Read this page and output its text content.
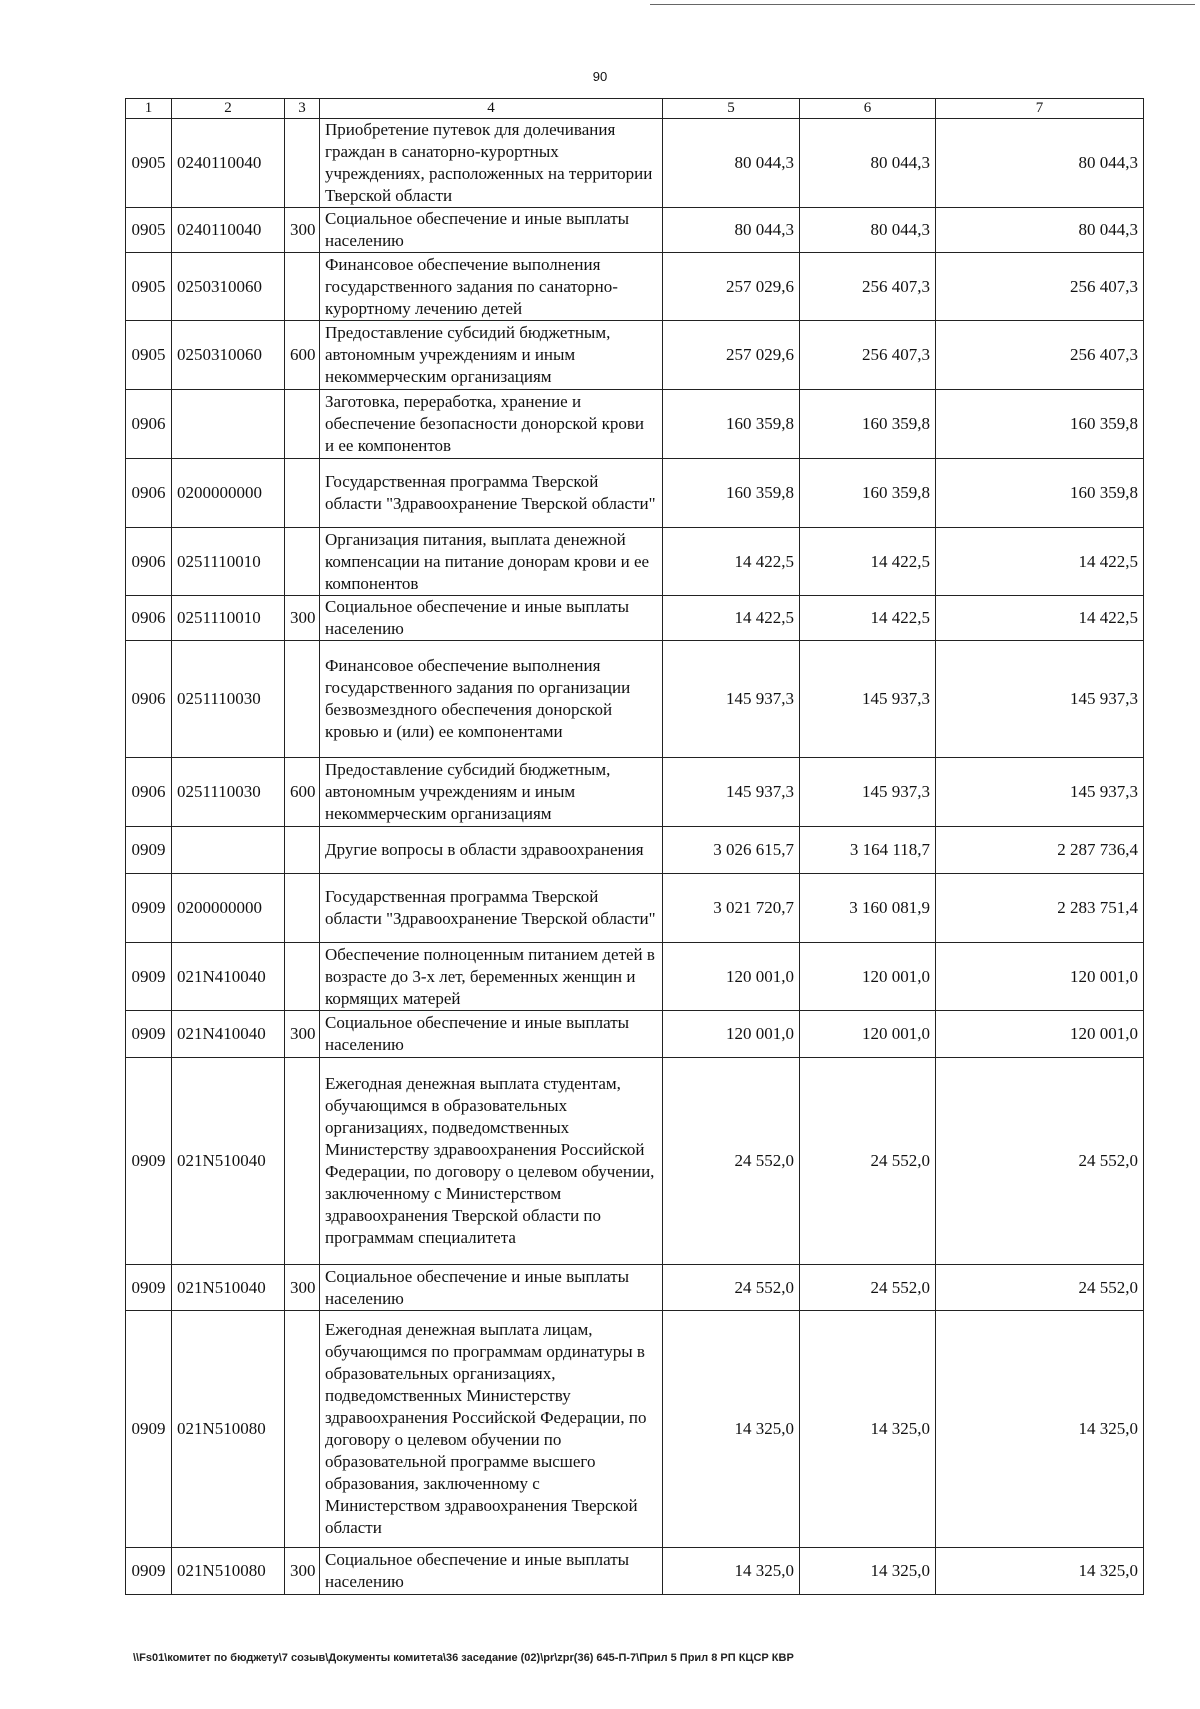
90
1	2	3	4	5	6	7
0905	0240110040		Приобретение путевок для долечивания граждан в санаторно-курортных учреждениях, расположенных на территории Тверской области	80 044,3	80 044,3	80 044,3
0905	0240110040	300	Социальное обеспечение и иные выплаты населению	80 044,3	80 044,3	80 044,3
0905	0250310060		Финансовое обеспечение выполнения государственного задания по санаторно-курортному лечению детей	257 029,6	256 407,3	256 407,3
0905	0250310060	600	Предоставление субсидий бюджетным, автономным учреждениям и иным некоммерческим организациям	257 029,6	256 407,3	256 407,3
0906			Заготовка, переработка, хранение и обеспечение безопасности донорской крови и ее компонентов	160 359,8	160 359,8	160 359,8
0906	0200000000		Государственная программа Тверской области "Здравоохранение Тверской области"	160 359,8	160 359,8	160 359,8
0906	0251110010		Организация питания, выплата денежной компенсации на питание донорам крови и ее компонентов	14 422,5	14 422,5	14 422,5
0906	0251110010	300	Социальное обеспечение и иные выплаты населению	14 422,5	14 422,5	14 422,5
0906	0251110030		Финансовое обеспечение выполнения государственного задания по организации безвозмездного обеспечения донорской кровью и (или) ее компонентами	145 937,3	145 937,3	145 937,3
0906	0251110030	600	Предоставление субсидий бюджетным, автономным учреждениям и иным некоммерческим организациям	145 937,3	145 937,3	145 937,3
0909			Другие вопросы в области здравоохранения	3 026 615,7	3 164 118,7	2 287 736,4
0909	0200000000		Государственная программа Тверской области "Здравоохранение Тверской области"	3 021 720,7	3 160 081,9	2 283 751,4
0909	021N410040		Обеспечение полноценным питанием детей в возрасте до 3-х лет, беременных женщин и кормящих матерей	120 001,0	120 001,0	120 001,0
0909	021N410040	300	Социальное обеспечение и иные выплаты населению	120 001,0	120 001,0	120 001,0
0909	021N510040		Ежегодная денежная выплата студентам, обучающимся в образовательных организациях, подведомственных Министерству здравоохранения Российской Федерации, по договору о целевом обучении, заключенному с Министерством здравоохранения Тверской области по программам специалитета	24 552,0	24 552,0	24 552,0
0909	021N510040	300	Социальное обеспечение и иные выплаты населению	24 552,0	24 552,0	24 552,0
0909	021N510080		Ежегодная денежная выплата лицам, обучающимся по программам ординатуры в образовательных организациях, подведомственных Министерству здравоохранения Российской Федерации, по договору о целевом обучении по образовательной программе высшего образования, заключенному с Министерством здравоохранения Тверской области	14 325,0	14 325,0	14 325,0
0909	021N510080	300	Социальное обеспечение и иные выплаты населению	14 325,0	14 325,0	14 325,0
\\Fs01\комитет по бюджету\7 созыв\Документы комитета\36 заседание (02)\pr\zpr(36) 645-П-7\Прил 5 Прил 8 РП КЦСР КВР
